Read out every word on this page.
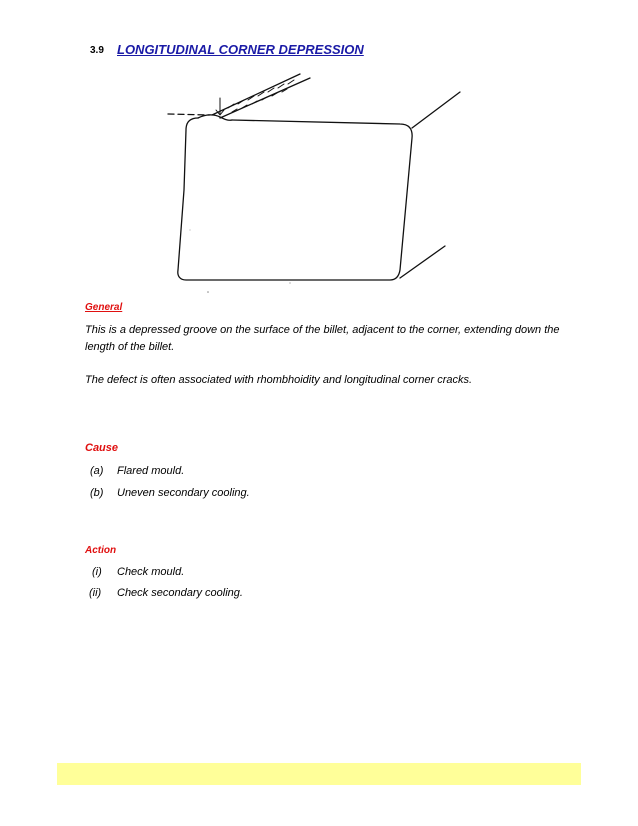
3.9 LONGITUDINAL CORNER DEPRESSION
General
This is a depressed groove on the surface of the billet, adjacent to the corner, extending down the length of the billet.
The defect is often associated with rhombhoidity and longitudinal corner cracks.
Cause
(a) Flared mould.
(b) Uneven secondary cooling.
Action
(i) Check mould.
(ii) Check secondary cooling.
